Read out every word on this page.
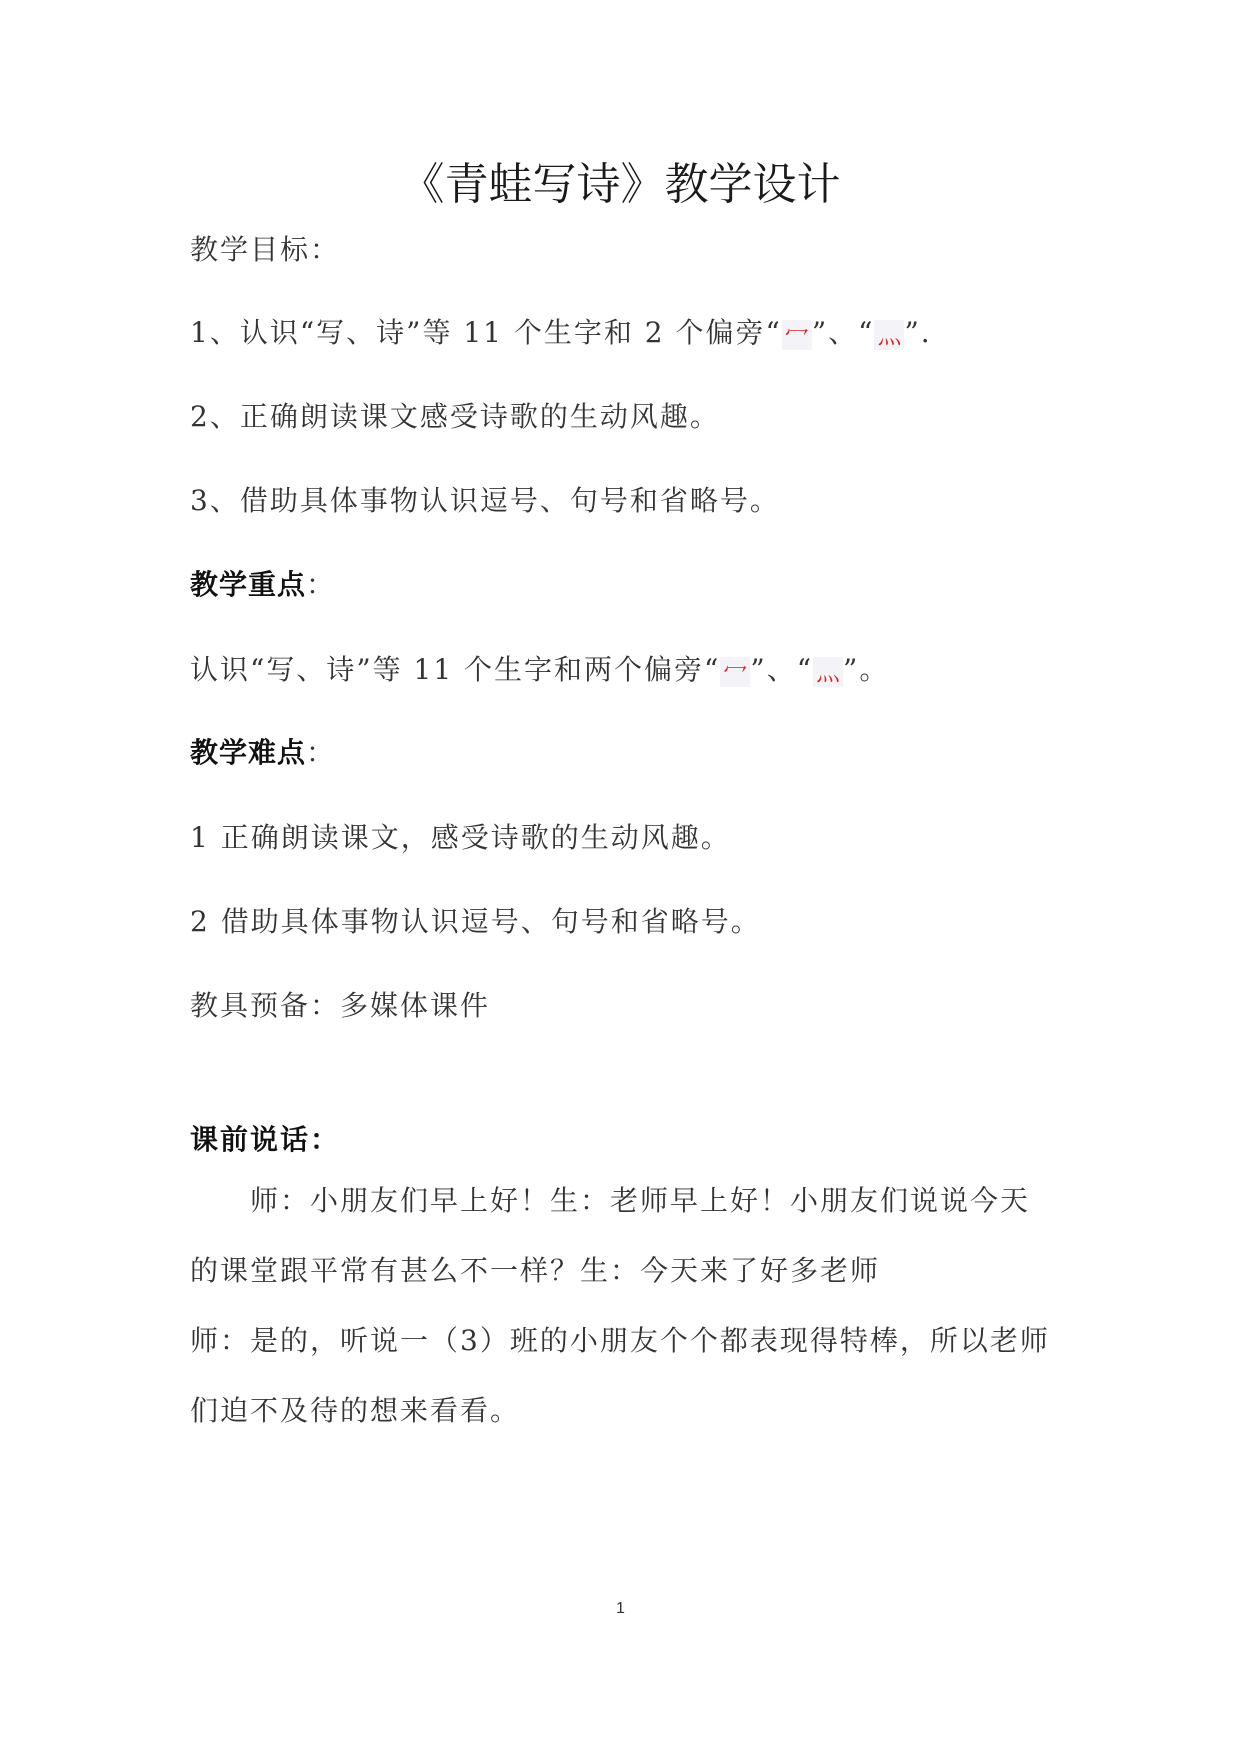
《青蛙写诗》教学设计
教学目标：
1、认识“写、诗”等 11 个生字和 2 个偏旁“ 冖 ”、“ 灬 ”.
2、正确朗读课文感受诗歌的生动风趣。
3、借助具体事物认识逗号、句号和省略号。
教学重点：
认识“写、诗”等 11 个生字和两个偏旁“ 冖 ”、“ 灬 ”。
教学难点：
1 正确朗读课文，感受诗歌的生动风趣。
2 借助具体事物认识逗号、句号和省略号。
教具预备：多媒体课件
课前说话：
师：小朋友们早上好！生：老师早上好！小朋友们说说今天的课堂跟平常有甚么不一样？生：今天来了好多老师
师：是的，听说一（3）班的小朋友个个都表现得特棒，所以老师们迫不及待的想来看看。
1
